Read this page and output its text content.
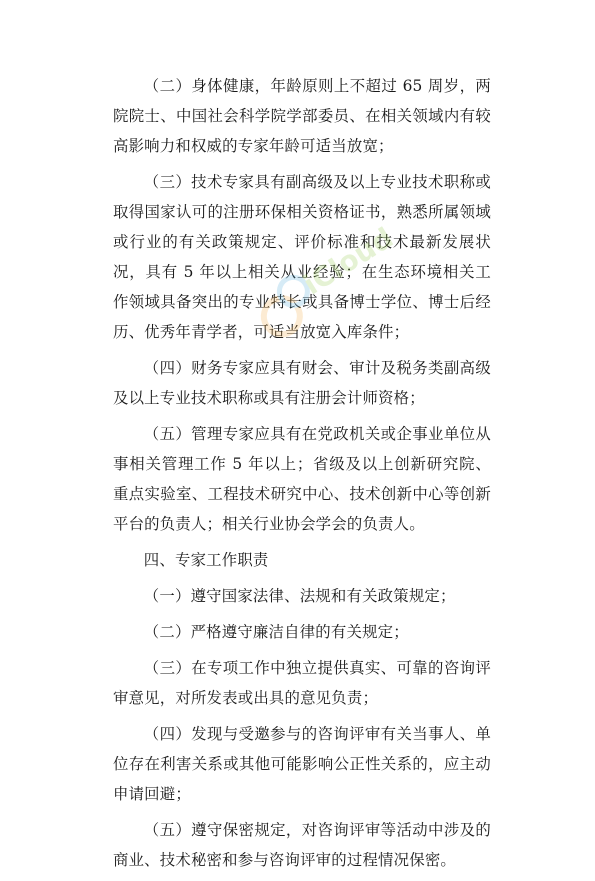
（二）身体健康，年龄原则上不超过 65 周岁，两院院士、中国社会科学院学部委员、在相关领域内有较高影响力和权威的专家年龄可适当放宽；

（三）技术专家具有副高级及以上专业技术职称或取得国家认可的注册环保相关资格证书，熟悉所属领域或行业的有关政策规定、评价标准和技术最新发展状况，具有 5 年以上相关从业经验；在生态环境相关工作领域具备突出的专业特长或具备博士学位、博士后经历、优秀年青学者，可适当放宽入库条件；

（四）财务专家应具有财会、审计及税务类副高级及以上专业技术职称或具有注册会计师资格；

（五）管理专家应具有在党政机关或企事业单位从事相关管理工作 5 年以上；省级及以上创新研究院、重点实验室、工程技术研究中心、技术创新中心等创新平台的负责人；相关行业协会学会的负责人。

四、专家工作职责

（一）遵守国家法律、法规和有关政策规定；

（二）严格遵守廉洁自律的有关规定；

（三）在专项工作中独立提供真实、可靠的咨询评审意见，对所发表或出具的意见负责；

（四）发现与受邀参与的咨询评审有关当事人、单位存在利害关系或其他可能影响公正性关系的，应主动申请回避；

（五）遵守保密规定，对咨询评审等活动中涉及的商业、技术秘密和参与咨询评审的过程情况保密。

iCloud
